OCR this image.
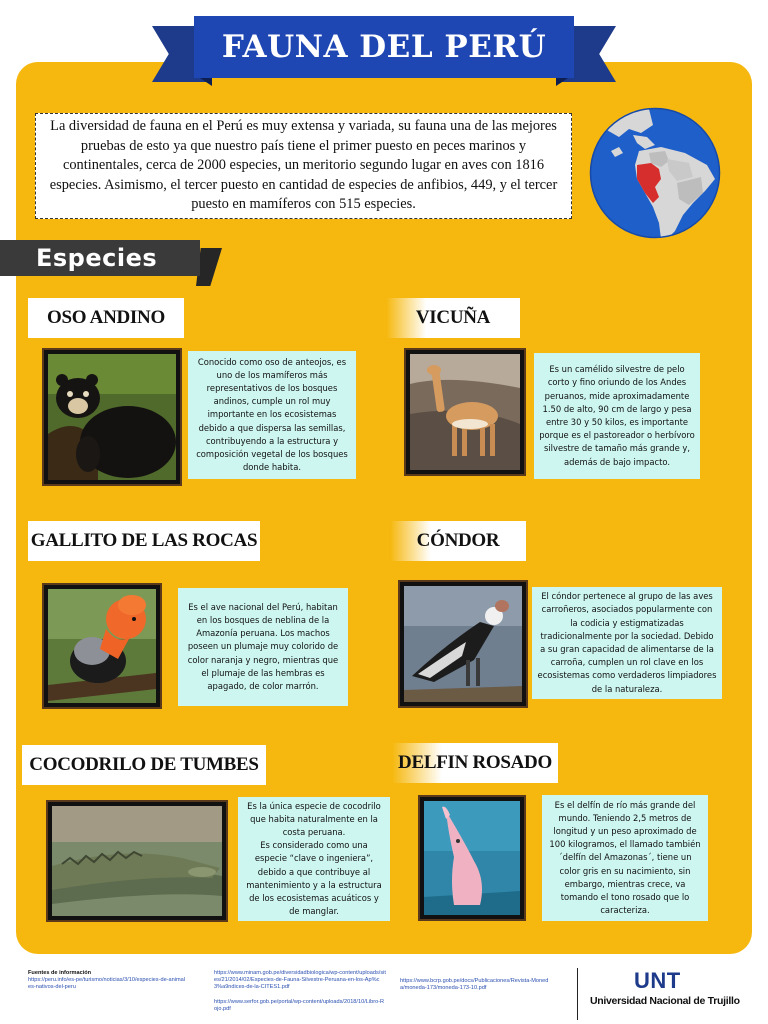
FAUNA DEL PERÚ

La diversidad de fauna en el Perú es muy extensa y variada, su fauna una de las mejores pruebas de esto ya que nuestro país tiene el primer puesto en peces marinos y continentales, cerca de 2000 especies, un meritorio segundo lugar en aves con 1816 especies. Asimismo, el tercer puesto en cantidad de especies de anfibios, 449, y el tercer puesto en mamíferos con 515 especies.

Especies
OSO ANDINO

Conocido como oso de anteojos, es uno de los mamíferos más representativos de los bosques andinos, cumple un rol muy importante en los ecosistemas debido a que dispersa las semillas, contribuyendo a la estructura y composición vegetal de los bosques donde habita.

VICUÑA

Es un camélido silvestre de pelo corto y fino oriundo de los Andes peruanos, mide aproximadamente 1.50 de alto, 90 cm de largo y pesa entre 30 y 50 kilos, es importante porque es el pastoreador o herbívoro silvestre de tamaño más grande y, además de bajo impacto.

GALLITO DE LAS ROCAS

Es el ave nacional del Perú, habitan en los bosques de neblina de la Amazonía peruana. Los machos poseen un plumaje muy colorido de color naranja y negro, mientras que el plumaje de las hembras es apagado, de color marrón.

CÓNDOR

El cóndor pertenece al grupo de las aves carroñeros, asociados popularmente con la codicia y estigmatizadas tradicionalmente por la sociedad. Debido a su gran capacidad de alimentarse de la carroña, cumplen un rol clave en los ecosistemas como verdaderos limpiadores de la naturaleza.

COCODRILO DE TUMBES

Es la única especie de cocodrilo que habita naturalmente en la costa peruana.
Es considerado como una especie “clave o ingeniera”, debido a que contribuye al mantenimiento y a la estructura de los ecosistemas acuáticos y de manglar.

DELFIN ROSADO

Es el delfín de río más grande del mundo. Teniendo 2,5 metros de longitud y un peso aproximado de 100 kilogramos, el llamado también ´delfín del Amazonas´, tiene un color gris en su nacimiento, sin embargo, mientras crece, va tomando el tono rosado que lo caracteriza.

Fuentes de información
https://peru.info/es-pe/turismo/noticias/3/10/especies-de-animales-nativos-del-peru
https://www.minam.gob.pe/diversidadbiologica/wp-content/uploads/sites/21/2014/02/Especies-de-Fauna-Silvestre-Peruana-en-los-Ap%c3%a9ndices-de-la-CITES1.pdf
https://www.serfor.gob.pe/portal/wp-content/uploads/2018/10/Libro-Rojo.pdf
https://www.bcrp.gob.pe/docs/Publicaciones/Revista-Moneda/moneda-173/moneda-173-10.pdf	UNT
Universidad Nacional de Trujillo
